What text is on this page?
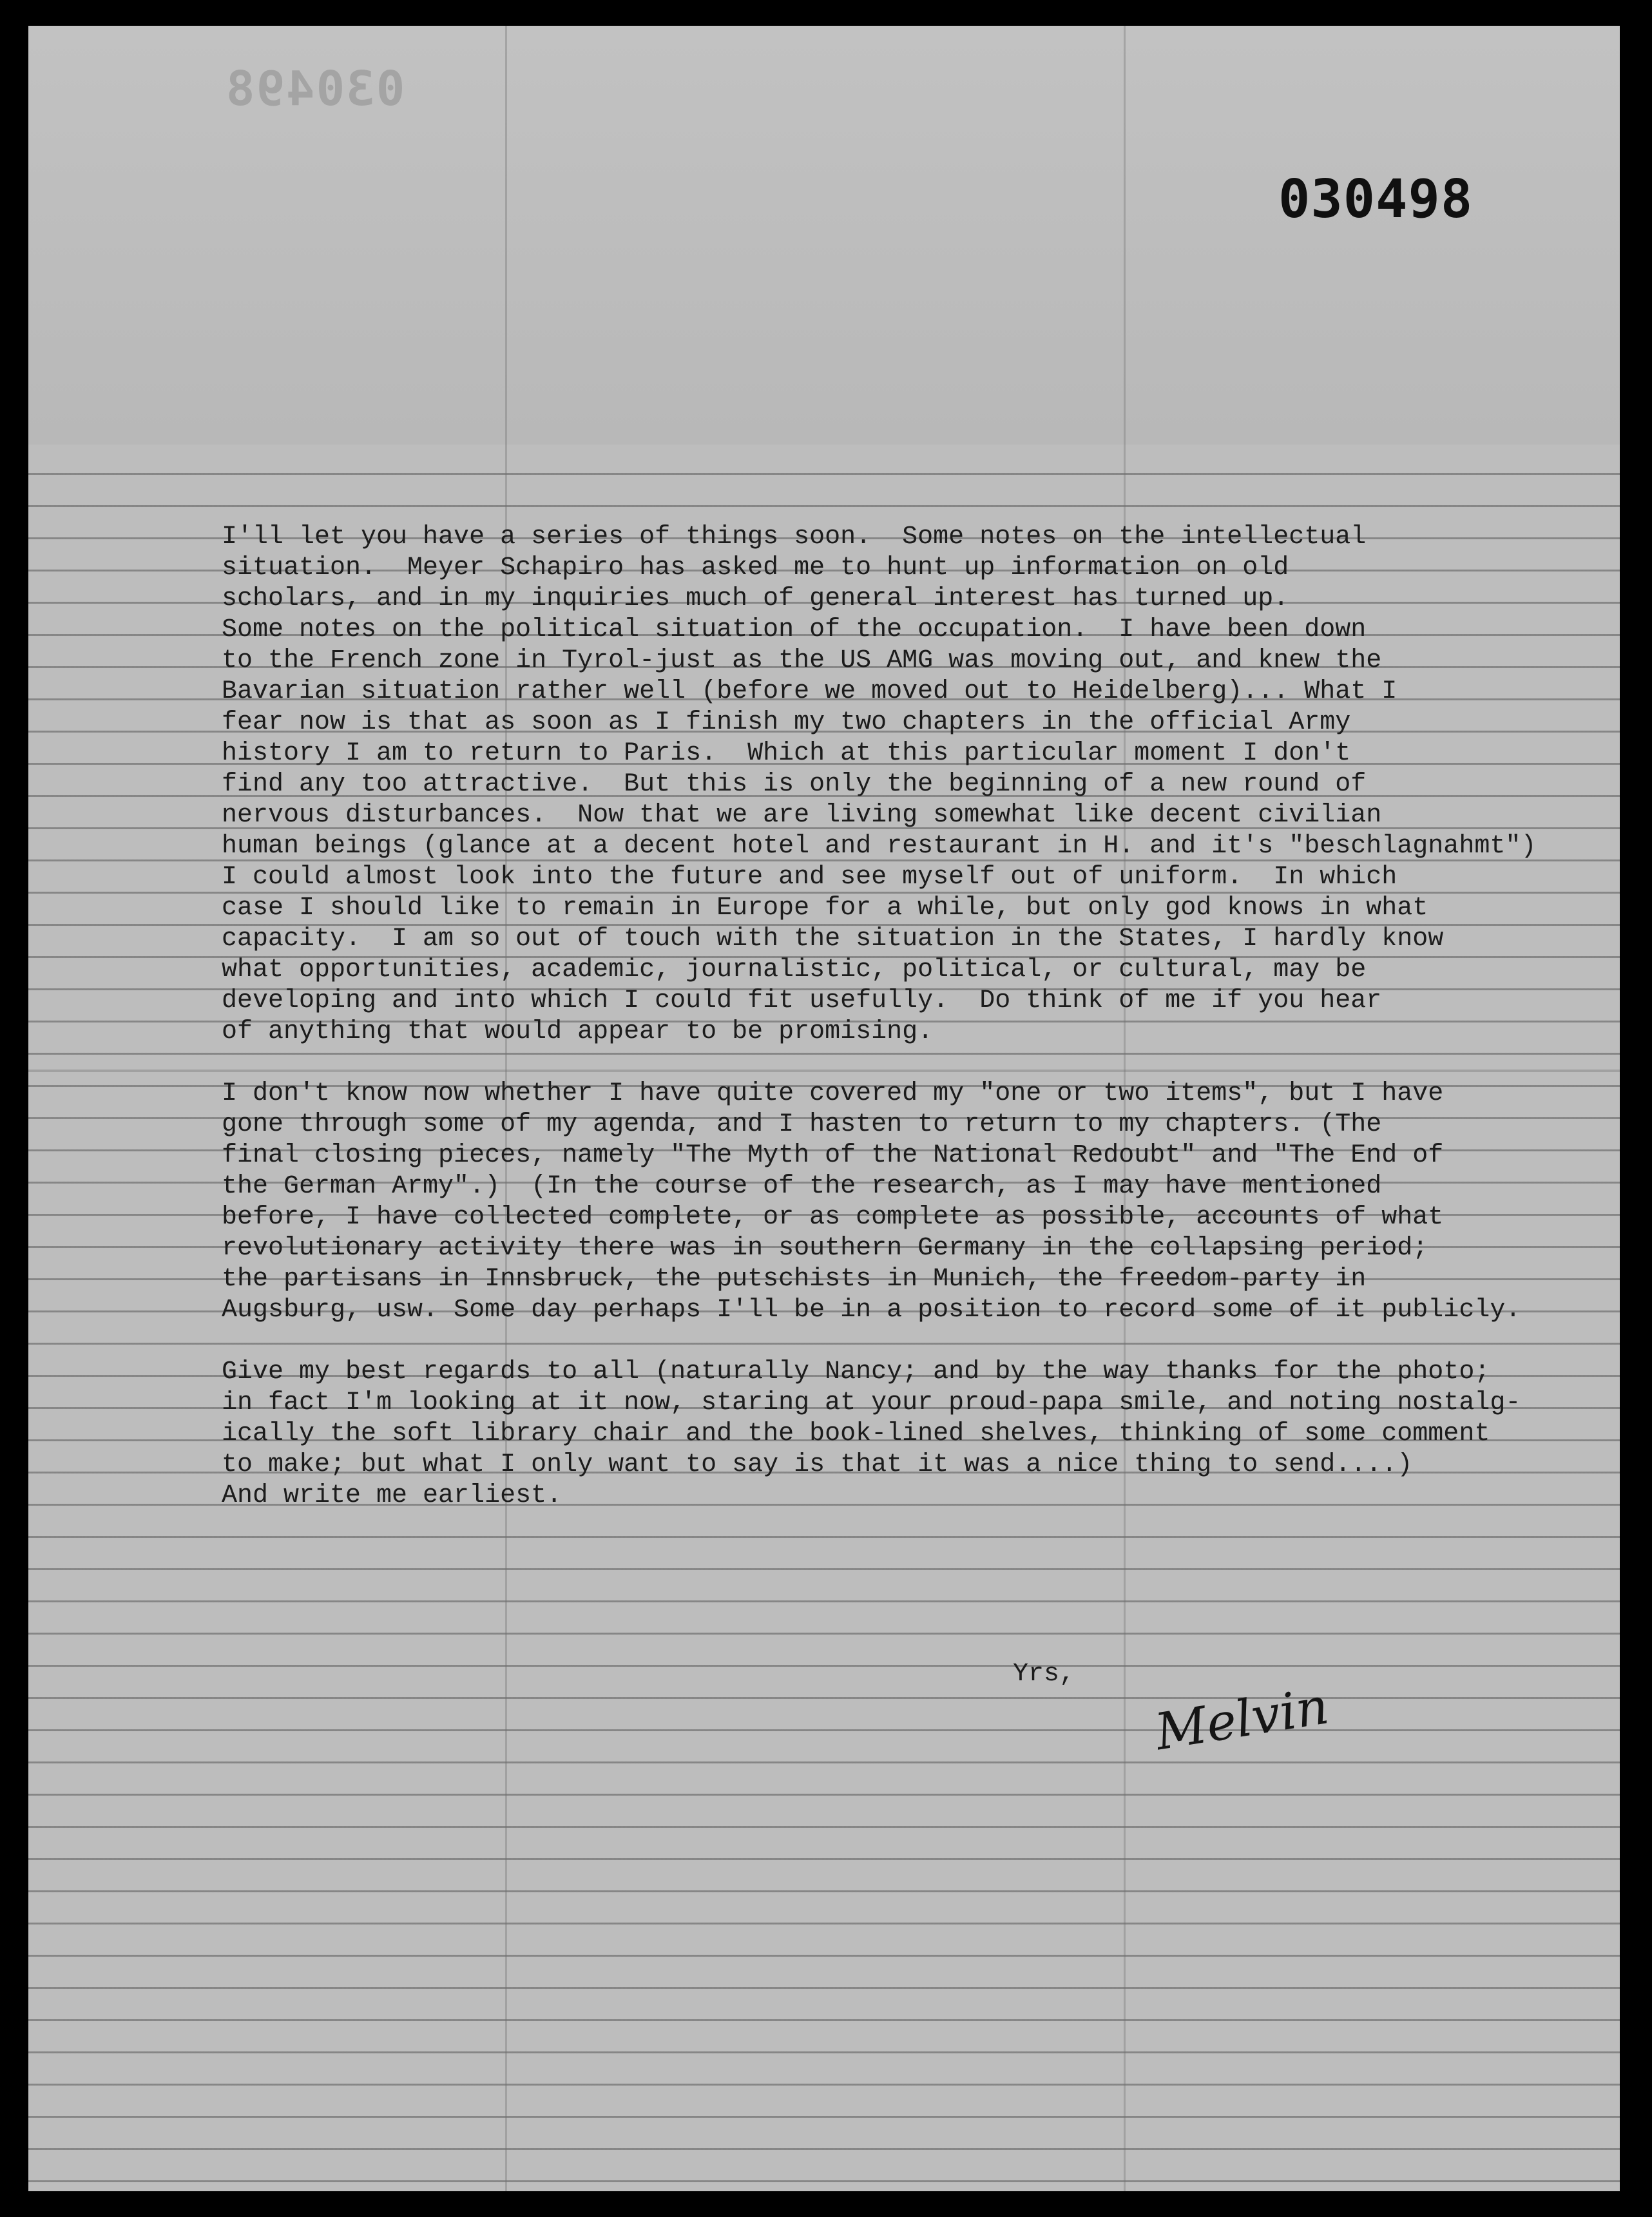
030498
030498
I'll let you have a series of things soon.  Some notes on the intellectual
situation.  Meyer Schapiro has asked me to hunt up information on old
scholars, and in my inquiries much of general interest has turned up.
Some notes on the political situation of the occupation.  I have been down
to the French zone in Tyrol-just as the US AMG was moving out, and knew the
Bavarian situation rather well (before we moved out to Heidelberg)... What I
fear now is that as soon as I finish my two chapters in the official Army
history I am to return to Paris.  Which at this particular moment I don't
find any too attractive.  But this is only the beginning of a new round of
nervous disturbances.  Now that we are living somewhat like decent civilian
human beings (glance at a decent hotel and restaurant in H. and it's "beschlagnahmt")
I could almost look into the future and see myself out of uniform.  In which
case I should like to remain in Europe for a while, but only god knows in what
capacity.  I am so out of touch with the situation in the States, I hardly know
what opportunities, academic, journalistic, political, or cultural, may be
developing and into which I could fit usefully.  Do think of me if you hear
of anything that would appear to be promising.
I don't know now whether I have quite covered my "one or two items", but I have
gone through some of my agenda, and I hasten to return to my chapters. (The
final closing pieces, namely "The Myth of the National Redoubt" and "The End of
the German Army".)  (In the course of the research, as I may have mentioned
before, I have collected complete, or as complete as possible, accounts of what
revolutionary activity there was in southern Germany in the collapsing period;
the partisans in Innsbruck, the putschists in Munich, the freedom-party in
Augsburg, usw. Some day perhaps I'll be in a position to record some of it publicly.
Give my best regards to all (naturally Nancy; and by the way thanks for the photo;
in fact I'm looking at it now, staring at your proud-papa smile, and noting nostalg-
ically the soft library chair and the book-lined shelves, thinking of some comment
to make; but what I only want to say is that it was a nice thing to send....)
And write me earliest.
Yrs,
Melvin
